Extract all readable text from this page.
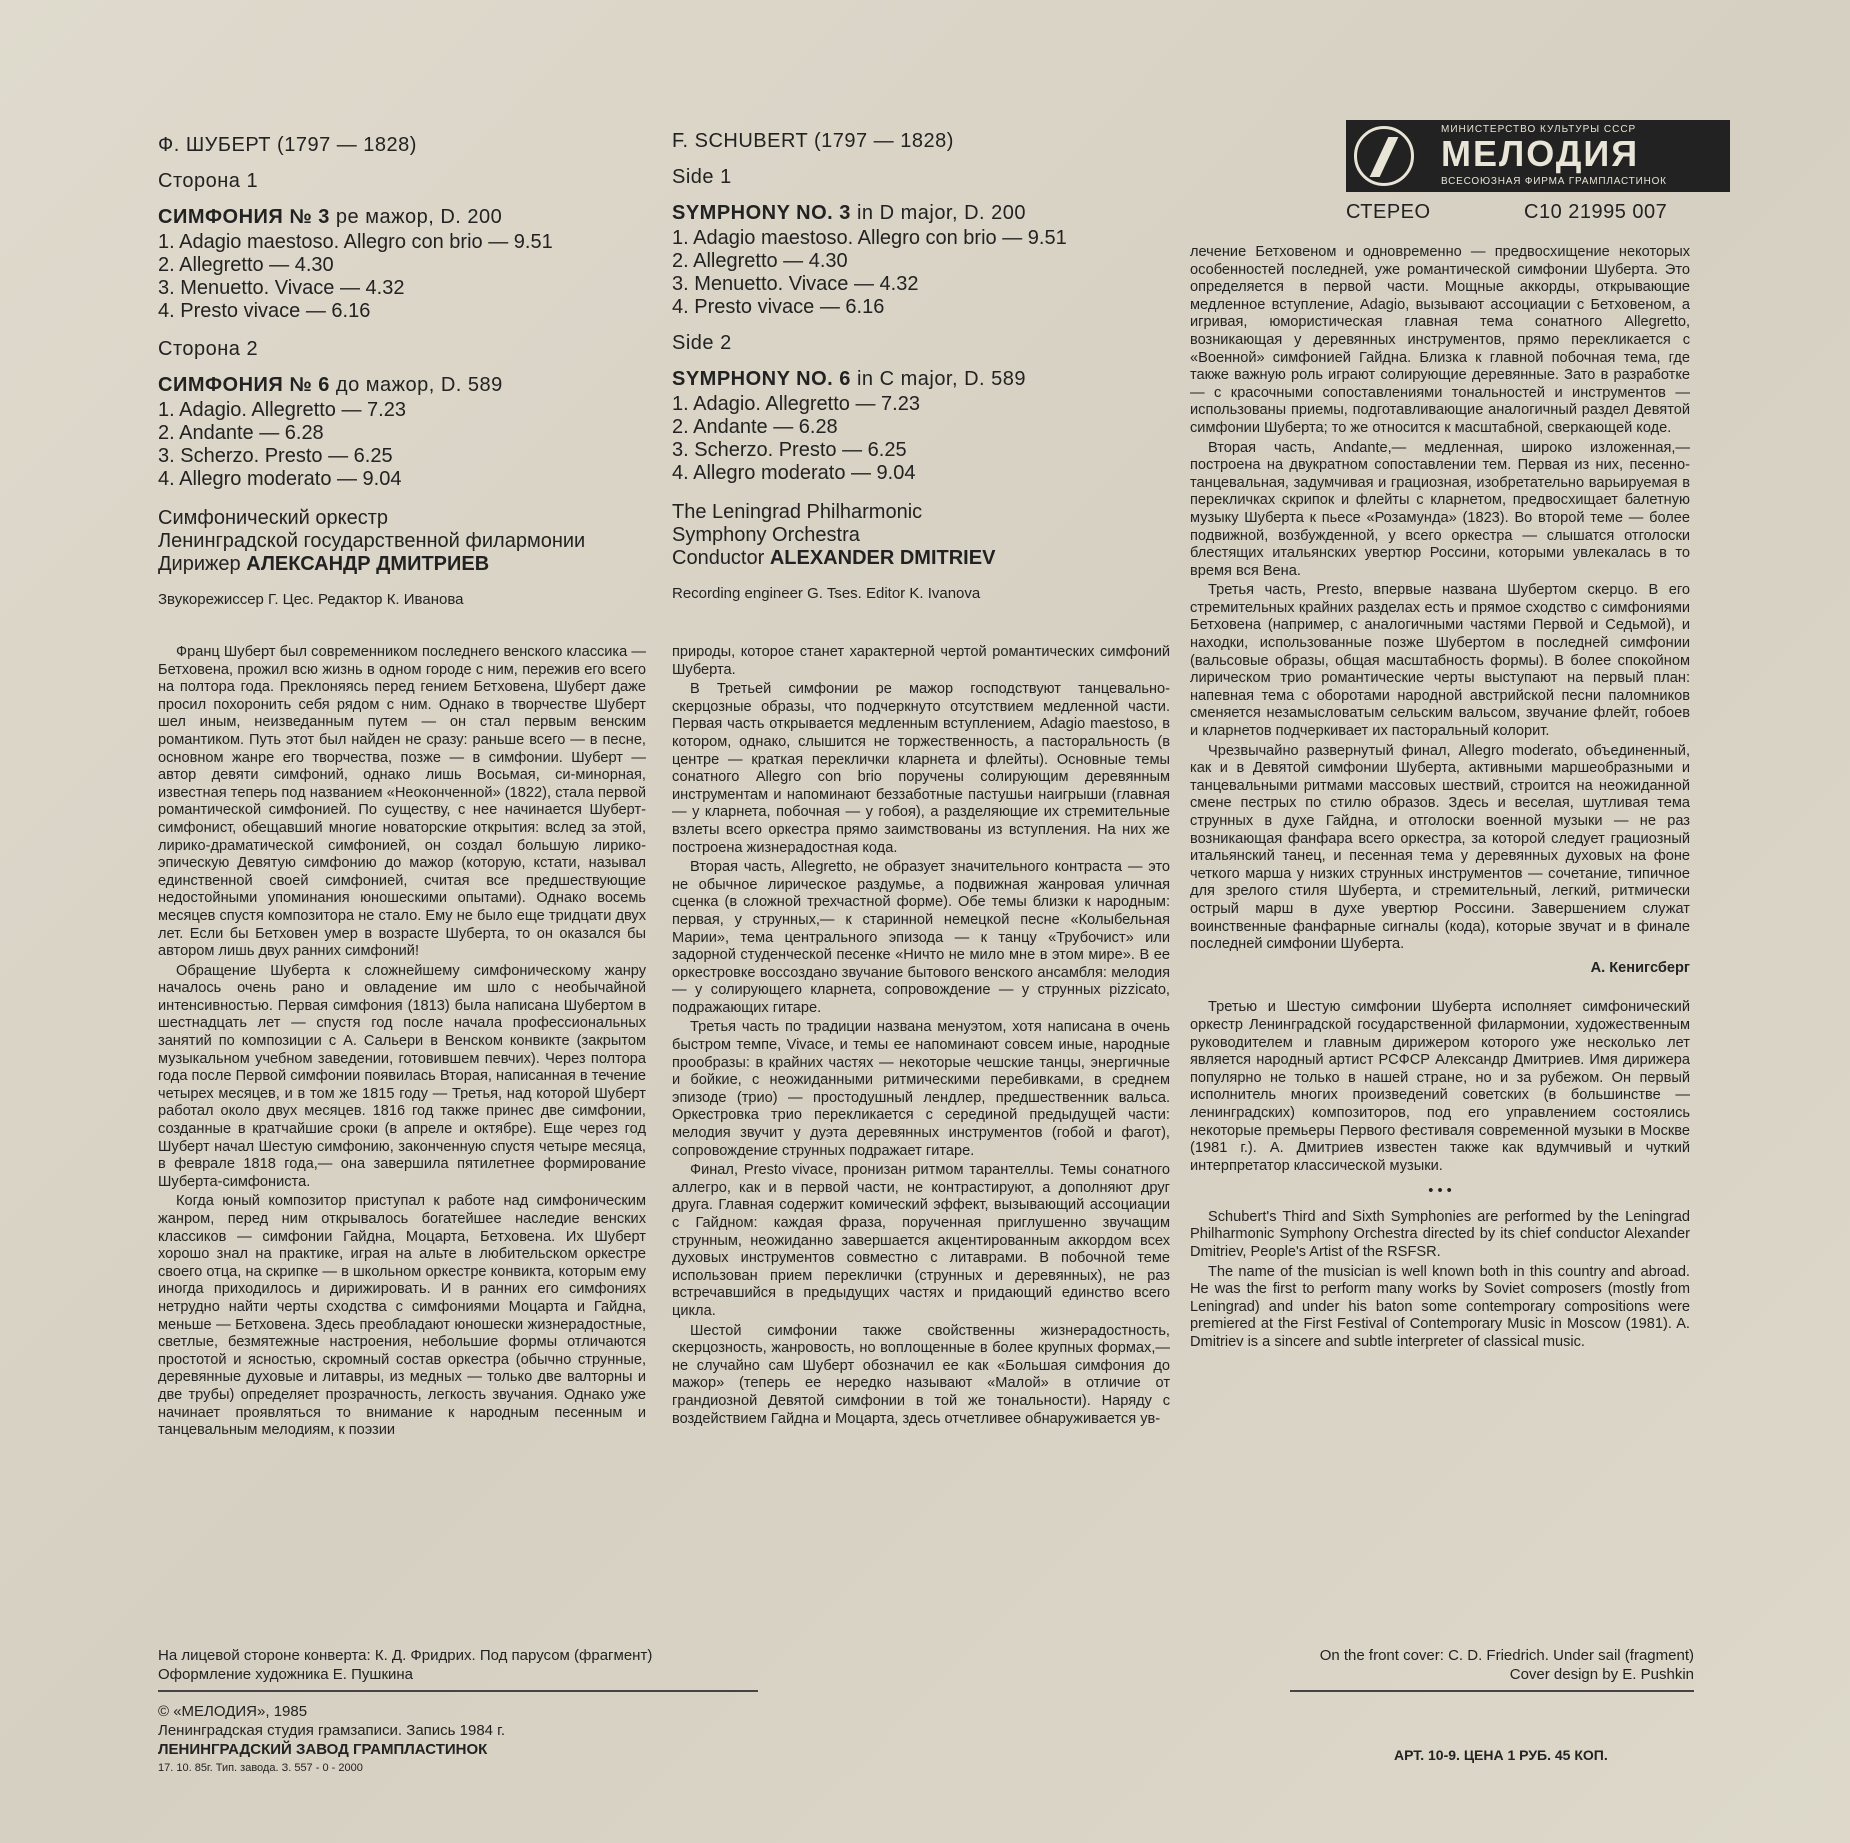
МИНИСТЕРСТВО КУЛЬТУРЫ СССР
МЕЛОДИЯ
ВСЕСОЮЗНАЯ ФИРМА ГРАМПЛАСТИНОК
СТЕРЕО	С10 21995 007
Ф. ШУБЕРТ (1797 — 1828)
Сторона 1
СИМФОНИЯ № 3 ре мажор, D. 200
1. Adagio maestoso. Allegro con brio — 9.51
2. Allegretto — 4.30
3. Menuetto. Vivace — 4.32
4. Presto vivace — 6.16
Сторона 2
СИМФОНИЯ № 6 до мажор, D. 589
1. Adagio. Allegretto — 7.23
2. Andante — 6.28
3. Scherzo. Presto — 6.25
4. Allegro moderato — 9.04
Симфонический оркестр
Ленинградской государственной филармонии
Дирижер АЛЕКСАНДР ДМИТРИЕВ
Звукорежиссер Г. Цес. Редактор К. Иванова
F. SCHUBERT (1797 — 1828)
Side 1
SYMPHONY NO. 3 in D major, D. 200
1. Adagio maestoso. Allegro con brio — 9.51
2. Allegretto — 4.30
3. Menuetto. Vivace — 4.32
4. Presto vivace — 6.16
Side 2
SYMPHONY NO. 6 in C major, D. 589
1. Adagio. Allegretto — 7.23
2. Andante — 6.28
3. Scherzo. Presto — 6.25
4. Allegro moderato — 9.04
The Leningrad Philharmonic
Symphony Orchestra
Conductor ALEXANDER DMITRIEV
Recording engineer G. Tses. Editor K. Ivanova

Франц Шуберт был современником последнего венского классика — Бетховена, прожил всю жизнь в одном городе с ним, пережив его всего на полтора года. Преклоняясь перед гением Бетховена, Шуберт даже просил похоронить себя рядом с ним. Однако в творчестве Шуберт шел иным, неизведанным путем — он стал первым венским романтиком. Путь этот был найден не сразу: раньше всего — в песне, основном жанре его творчества, позже — в симфонии. Шуберт — автор девяти симфоний, однако лишь Восьмая, си-минорная, известная теперь под названием «Неоконченной» (1822), стала первой романтической симфонией. По существу, с нее начинается Шуберт-симфонист, обещавший многие новаторские открытия: вслед за этой, лирико-драматической симфонией, он создал большую лирико-эпическую Девятую симфонию до мажор (которую, кстати, называл единственной своей симфонией, считая все предшествующие недостойными упоминания юношескими опытами). Однако восемь месяцев спустя композитора не стало. Ему не было еще тридцати двух лет. Если бы Бетховен умер в возрасте Шуберта, то он оказался бы автором лишь двух ранних симфоний!

Обращение Шуберта к сложнейшему симфоническому жанру началось очень рано и овладение им шло с необычайной интенсивностью. Первая симфония (1813) была написана Шубертом в шестнадцать лет — спустя год после начала профессиональных занятий по композиции с А. Сальери в Венском конвикте (закрытом музыкальном учебном заведении, готовившем певчих). Через полтора года после Первой симфонии появилась Вторая, написанная в течение четырех месяцев, и в том же 1815 году — Третья, над которой Шуберт работал около двух месяцев. 1816 год также принес две симфонии, созданные в кратчайшие сроки (в апреле и октябре). Еще через год Шуберт начал Шестую симфонию, законченную спустя четыре месяца, в феврале 1818 года,— она завершила пятилетнее формирование Шуберта-симфониста.

Когда юный композитор приступал к работе над симфоническим жанром, перед ним открывалось богатейшее наследие венских классиков — симфонии Гайдна, Моцарта, Бетховена. Их Шуберт хорошо знал на практике, играя на альте в любительском оркестре своего отца, на скрипке — в школьном оркестре конвикта, которым ему иногда приходилось и дирижировать. И в ранних его симфониях нетрудно найти черты сходства с симфониями Моцарта и Гайдна, меньше — Бетховена. Здесь преобладают юношески жизнерадостные, светлые, безмятежные настроения, небольшие формы отличаются простотой и ясностью, скромный состав оркестра (обычно струнные, деревянные духовые и литавры, из медных — только две валторны и две трубы) определяет прозрачность, легкость звучания. Однако уже начинает проявляться то внимание к народным песенным и танцевальным мелодиям, к поэзии

природы, которое станет характерной чертой романтических симфоний Шуберта.

В Третьей симфонии ре мажор господствуют танцевально-скерцозные образы, что подчеркнуто отсутствием медленной части. Первая часть открывается медленным вступлением, Adagio maestoso, в котором, однако, слышится не торжественность, а пасторальность (в центре — краткая переклички кларнета и флейты). Основные темы сонатного Allegro con brio поручены солирующим деревянным инструментам и напоминают беззаботные пастушьи наигрыши (главная — у кларнета, побочная — у гобоя), а разделяющие их стремительные взлеты всего оркестра прямо заимствованы из вступления. На них же построена жизнерадостная кода.

Вторая часть, Allegretto, не образует значительного контраста — это не обычное лирическое раздумье, а подвижная жанровая уличная сценка (в сложной трехчастной форме). Обе темы близки к народным: первая, у струнных,— к старинной немецкой песне «Колыбельная Марии», тема центрального эпизода — к танцу «Трубочист» или задорной студенческой песенке «Ничто не мило мне в этом мире». В ее оркестровке воссоздано звучание бытового венского ансамбля: мелодия — у солирующего кларнета, сопровождение — у струнных pizzicato, подражающих гитаре.

Третья часть по традиции названа менуэтом, хотя написана в очень быстром темпе, Vivace, и темы ее напоминают совсем иные, народные прообразы: в крайних частях — некоторые чешские танцы, энергичные и бойкие, с неожиданными ритмическими перебивками, в среднем эпизоде (трио) — простодушный лендлер, предшественник вальса. Оркестровка трио перекликается с серединой предыдущей части: мелодия звучит у дуэта деревянных инструментов (гобой и фагот), сопровождение струнных подражает гитаре.

Финал, Presto vivace, пронизан ритмом тарантеллы. Темы сонатного аллегро, как и в первой части, не контрастируют, а дополняют друг друга. Главная содержит комический эффект, вызывающий ассоциации с Гайдном: каждая фраза, порученная приглушенно звучащим струнным, неожиданно завершается акцентированным аккордом всех духовых инструментов совместно с литаврами. В побочной теме использован прием переклички (струнных и деревянных), не раз встречавшийся в предыдущих частях и придающий единство всего цикла.

Шестой симфонии также свойственны жизнерадостность, скерцозность, жанровость, но воплощенные в более крупных формах,— не случайно сам Шуберт обозначил ее как «Большая симфония до мажор» (теперь ее нередко называют «Малой» в отличие от грандиозной Девятой симфонии в той же тональности). Наряду с воздействием Гайдна и Моцарта, здесь отчетливее обнаруживается ув-

лечение Бетховеном и одновременно — предвосхищение некоторых особенностей последней, уже романтической симфонии Шуберта. Это определяется в первой части. Мощные аккорды, открывающие медленное вступление, Adagio, вызывают ассоциации с Бетховеном, а игривая, юмористическая главная тема сонатного Allegretto, возникающая у деревянных инструментов, прямо перекликается с «Военной» симфонией Гайдна. Близка к главной побочная тема, где также важную роль играют солирующие деревянные. Зато в разработке — с красочными сопоставлениями тональностей и инструментов — использованы приемы, подготавливающие аналогичный раздел Девятой симфонии Шуберта; то же относится к масштабной, сверкающей коде.

Вторая часть, Andante,— медленная, широко изложенная,— построена на двукратном сопоставлении тем. Первая из них, песенно-танцевальная, задумчивая и грациозная, изобретательно варьируемая в перекличках скрипок и флейты с кларнетом, предвосхищает балетную музыку Шуберта к пьесе «Розамунда» (1823). Во второй теме — более подвижной, возбужденной, у всего оркестра — слышатся отголоски блестящих итальянских увертюр Россини, которыми увлекалась в то время вся Вена.

Третья часть, Presto, впервые названа Шубертом скерцо. В его стремительных крайних разделах есть и прямое сходство с симфониями Бетховена (например, с аналогичными частями Первой и Седьмой), и находки, использованные позже Шубертом в последней симфонии (вальсовые образы, общая масштабность формы). В более спокойном лирическом трио романтические черты выступают на первый план: напевная тема с оборотами народной австрийской песни паломников сменяется незамысловатым сельским вальсом, звучание флейт, гобоев и кларнетов подчеркивает их пасторальный колорит.

Чрезвычайно развернутый финал, Allegro moderato, объединенный, как и в Девятой симфонии Шуберта, активными маршеобразными и танцевальными ритмами массовых шествий, строится на неожиданной смене пестрых по стилю образов. Здесь и веселая, шутливая тема струнных в духе Гайдна, и отголоски военной музыки — не раз возникающая фанфара всего оркестра, за которой следует грациозный итальянский танец, и песенная тема у деревянных духовых на фоне четкого марша у низких струнных инструментов — сочетание, типичное для зрелого стиля Шуберта, и стремительный, легкий, ритмически острый марш в духе увертюр Россини. Завершением служат воинственные фанфарные сигналы (кода), которые звучат и в финале последней симфонии Шуберта.

А. Кенигсберг

Третью и Шестую симфонии Шуберта исполняет симфонический оркестр Ленинградской государственной филармонии, художественным руководителем и главным дирижером которого уже несколько лет является народный артист РСФСР Александр Дмитриев. Имя дирижера популярно не только в нашей стране, но и за рубежом. Он первый исполнитель многих произведений советских (в большинстве — ленинградских) композиторов, под его управлением состоялись некоторые премьеры Первого фестиваля современной музыки в Москве (1981 г.). А. Дмитриев известен также как вдумчивый и чуткий интерпретатор классической музыки.

• • •

Schubert's Third and Sixth Symphonies are performed by the Leningrad Philharmonic Symphony Orchestra directed by its chief conductor Alexander Dmitriev, People's Artist of the RSFSR.

The name of the musician is well known both in this country and abroad. He was the first to perform many works by Soviet composers (mostly from Leningrad) and under his baton some contemporary compositions were premiered at the First Festival of Contemporary Music in Moscow (1981). A. Dmitriev is a sincere and subtle interpreter of classical music.

На лицевой стороне конверта: К. Д. Фридрих. Под парусом (фрагмент)
Оформление художника Е. Пушкина
On the front cover: C. D. Friedrich. Under sail (fragment)
Cover design by E. Pushkin
© «МЕЛОДИЯ», 1985
Ленинградская студия грамзаписи. Запись 1984 г.
ЛЕНИНГРАДСКИЙ ЗАВОД ГРАМПЛАСТИНОК
17. 10. 85г. Тип. завода. З. 557 - 0 - 2000
АРТ. 10-9. ЦЕНА 1 РУБ. 45 КОП.
